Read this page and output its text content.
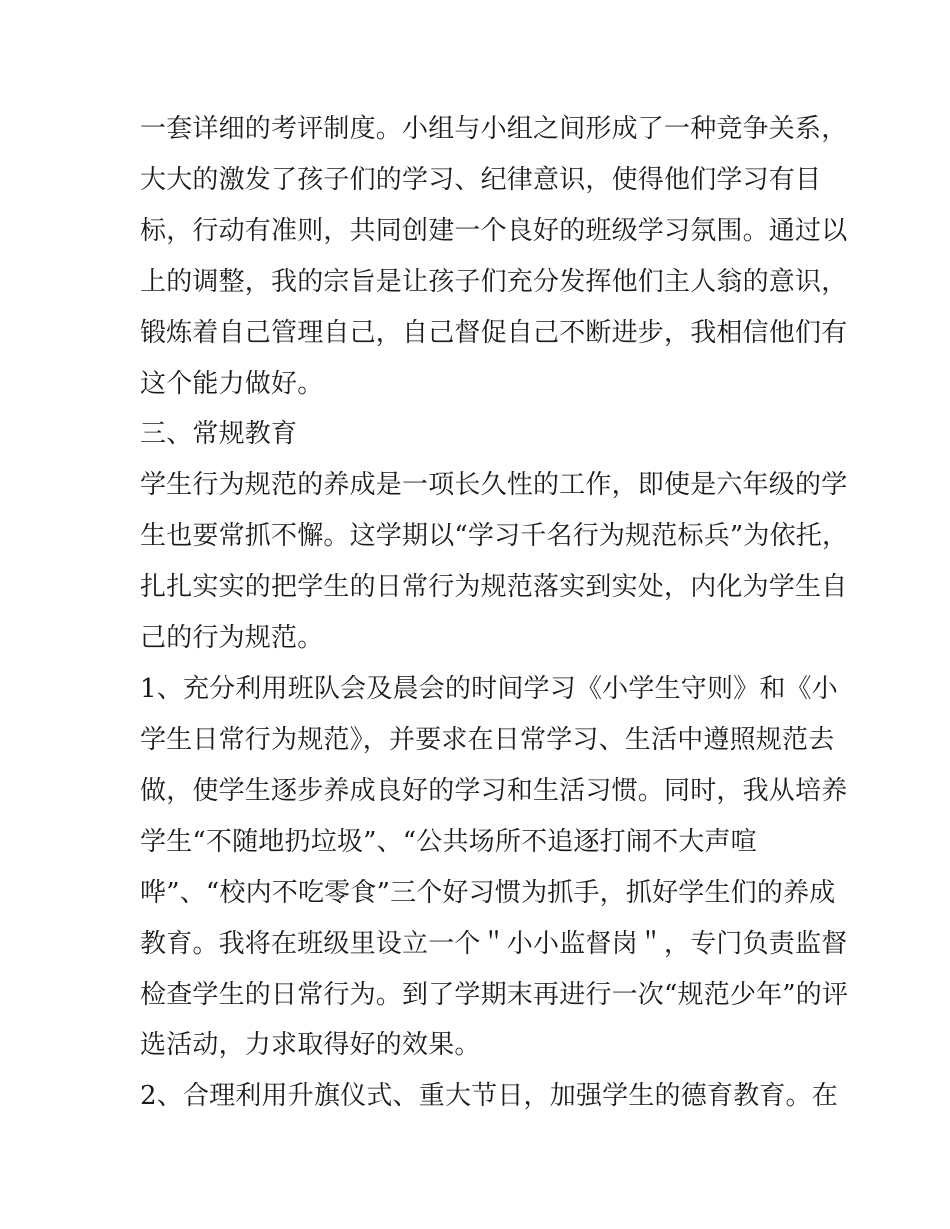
一套详细的考评制度。小组与小组之间形成了一种竞争关系，
大大的激发了孩子们的学习、纪律意识，使得他们学习有目
标，行动有准则，共同创建一个良好的班级学习氛围。通过以
上的调整，我的宗旨是让孩子们充分发挥他们主人翁的意识，
锻炼着自己管理自己，自己督促自己不断进步，我相信他们有
这个能力做好。
三、常规教育
学生行为规范的养成是一项长久性的工作，即使是六年级的学
生也要常抓不懈。这学期以“学习千名行为规范标兵”为依托，
扎扎实实的把学生的日常行为规范落实到实处，内化为学生自
己的行为规范。
1、充分利用班队会及晨会的时间学习《小学生守则》和《小
学生日常行为规范》，并要求在日常学习、生活中遵照规范去
做，使学生逐步养成良好的学习和生活习惯。同时，我从培养
学生“不随地扔垃圾”、“公共场所不追逐打闹不大声喧
哗”、“校内不吃零食”三个好习惯为抓手，抓好学生们的养成
教育。我将在班级里设立一个＂小小监督岗＂，专门负责监督
检查学生的日常行为。到了学期末再进行一次“规范少年”的评
选活动，力求取得好的效果。
2、合理利用升旗仪式、重大节日，加强学生的德育教育。在
